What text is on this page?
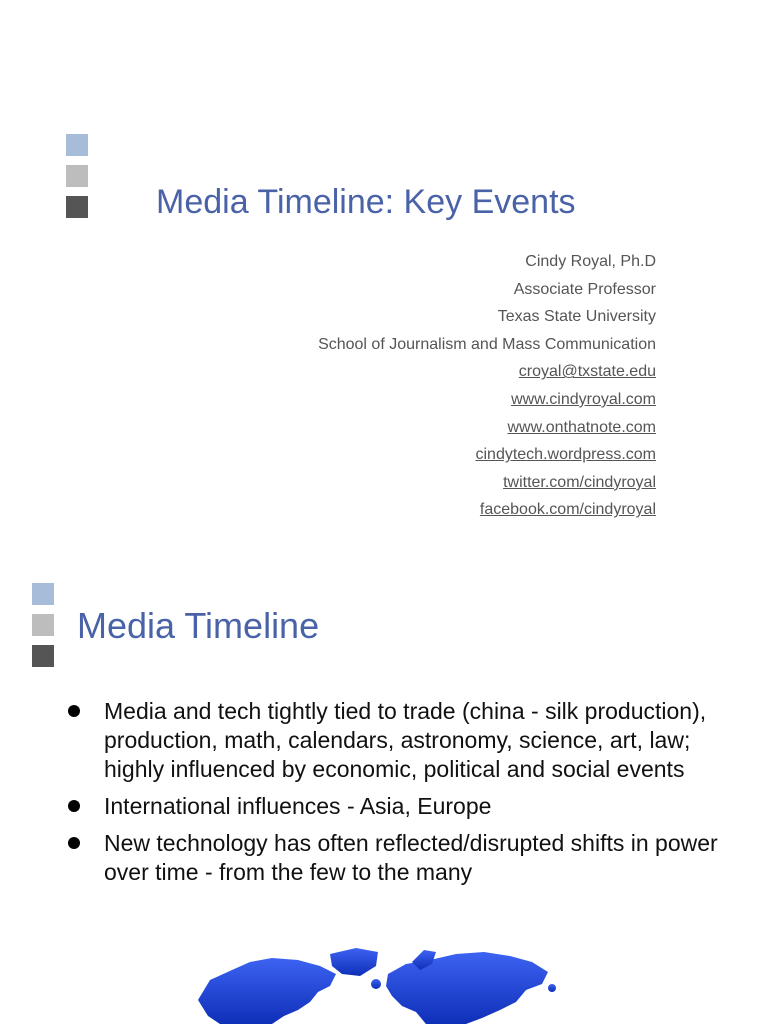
Media Timeline: Key Events
Cindy Royal, Ph.D
Associate Professor
Texas State University
School of Journalism and Mass Communication
croyal@txstate.edu
www.cindyroyal.com
www.onthatnote.com
cindytech.wordpress.com
twitter.com/cindyroyal
facebook.com/cindyroyal
Media Timeline
Media and tech tightly tied to trade (china - silk production), production, math, calendars, astronomy, science, art, law; highly influenced by economic, political and social events
International influences - Asia, Europe
New technology has often reflected/disrupted shifts in power over time - from the few to the many
